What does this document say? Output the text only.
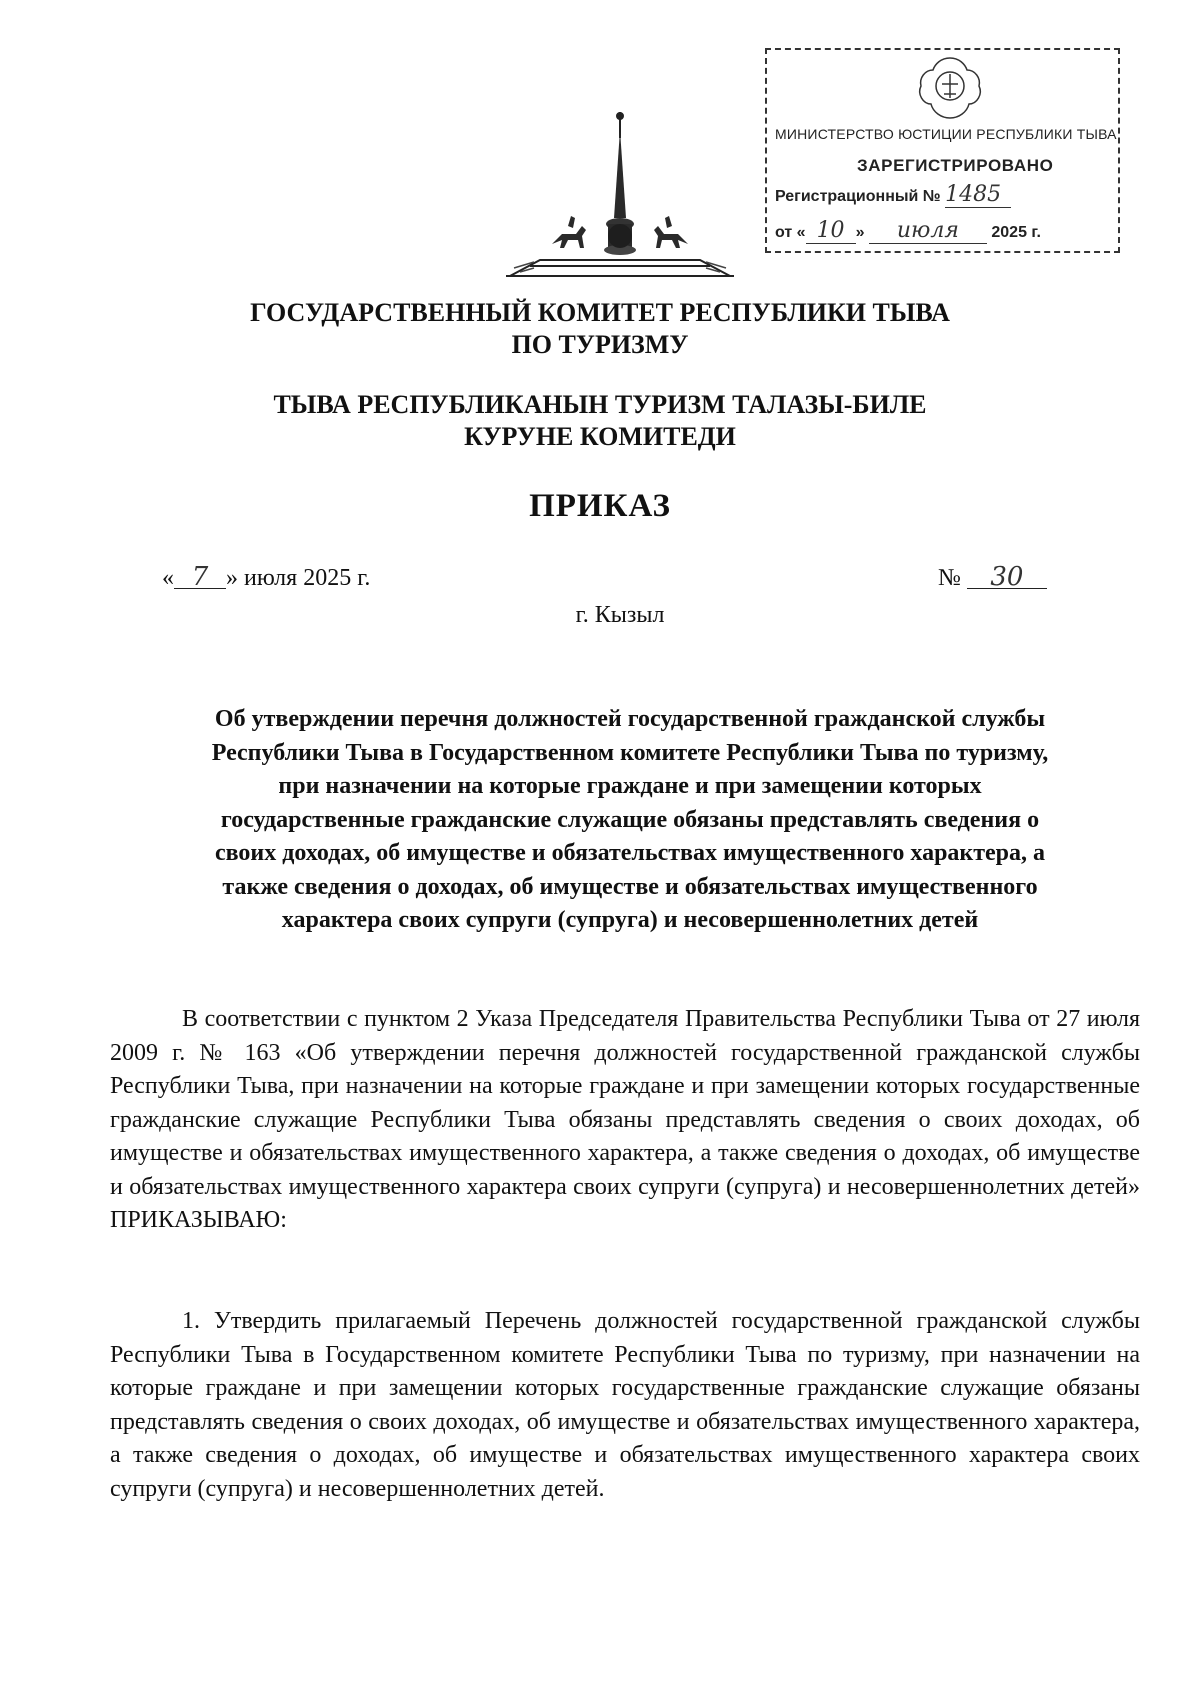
МИНИСТЕРСТВО ЮСТИЦИИ РЕСПУБЛИКИ ТЫВА
ЗАРЕГИСТРИРОВАНО
Регистрационный № 1485
от « 10 » июля 2025 г.
ГОСУДАРСТВЕННЫЙ КОМИТЕТ РЕСПУБЛИКИ ТЫВА
ПО ТУРИЗМУ
ТЫВА РЕСПУБЛИКАНЫН ТУРИЗМ ТАЛАЗЫ-БИЛЕ
КУРУНЕ КОМИТЕДИ
ПРИКАЗ
« 7 » июля 2025 г.	№ 30
г. Кызыл
Об утверждении перечня должностей государственной гражданской службы
Республики Тыва в Государственном комитете Республики Тыва по туризму,
при назначении на которые граждане и при замещении которых
государственные гражданские служащие обязаны представлять сведения о
своих доходах, об имуществе и обязательствах имущественного характера, а
также сведения о доходах, об имуществе и обязательствах имущественного
характера своих супруги (супруга) и несовершеннолетних детей
В соответствии с пунктом 2 Указа Председателя Правительства Республики Тыва от 27 июля 2009 г. № 163 «Об утверждении перечня должностей государственной гражданской службы Республики Тыва, при назначении на которые граждане и при замещении которых государственные гражданские служащие Республики Тыва обязаны представлять сведения о своих доходах, об имуществе и обязательствах имущественного характера, а также сведения о доходах, об имуществе и обязательствах имущественного характера своих супруги (супруга) и несовершеннолетних детей» ПРИКАЗЫВАЮ:
1. Утвердить прилагаемый Перечень должностей государственной гражданской службы Республики Тыва в Государственном комитете Республики Тыва по туризму, при назначении на которые граждане и при замещении которых государственные гражданские служащие обязаны представлять сведения о своих доходах, об имуществе и обязательствах имущественного характера, а также сведения о доходах, об имуществе и обязательствах имущественного характера своих супруги (супруга) и несовершеннолетних детей.
